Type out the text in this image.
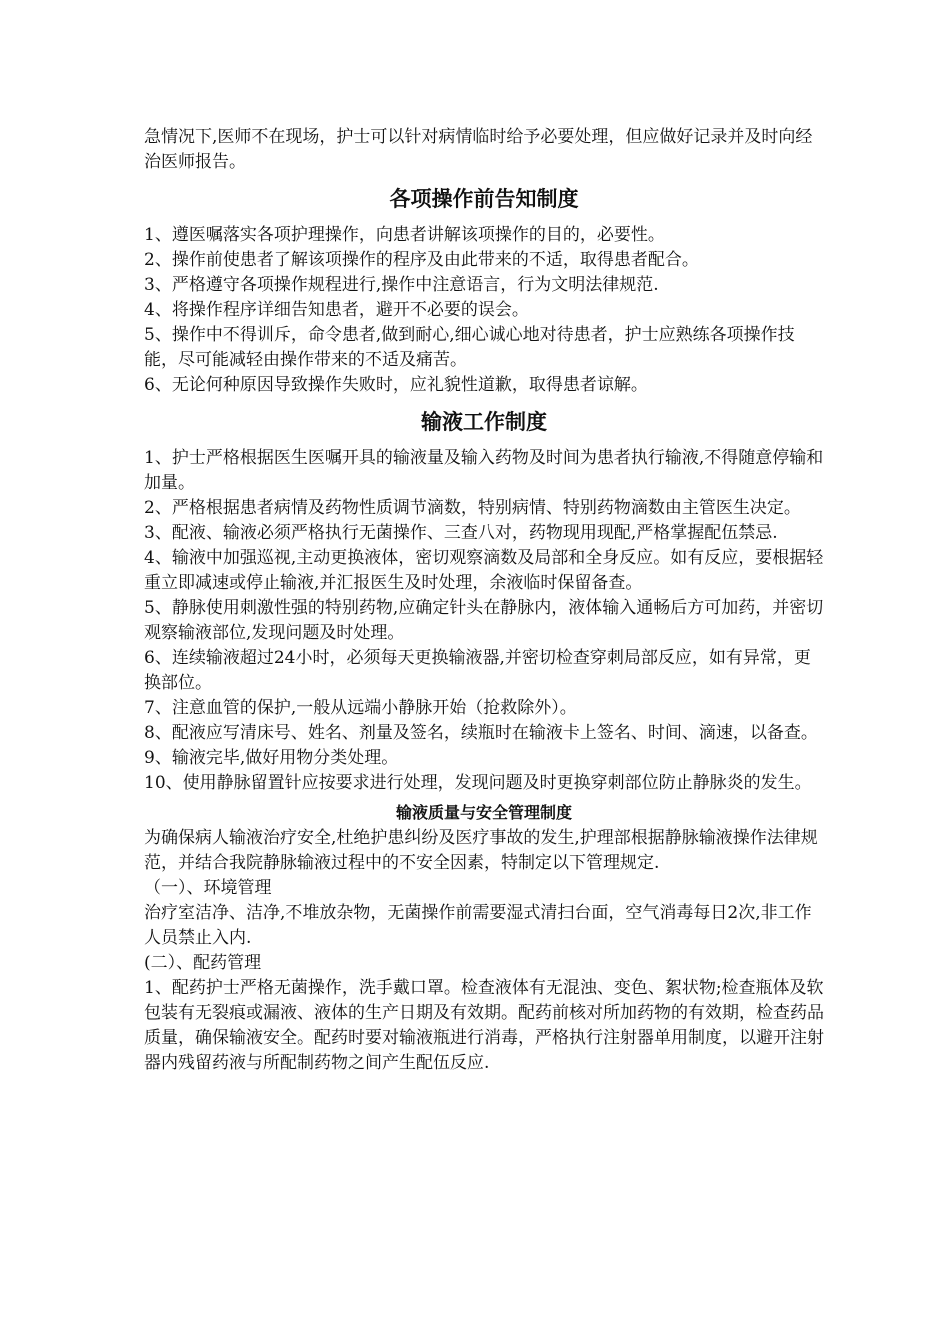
急情况下,医师不在现场，护士可以针对病情临时给予必要处理，但应做好记录并及时向经治医师报告。

各项操作前告知制度

1、遵医嘱落实各项护理操作，向患者讲解该项操作的目的，必要性。

2、操作前使患者了解该项操作的程序及由此带来的不适，取得患者配合。

3、严格遵守各项操作规程进行,操作中注意语言，行为文明法律规范.

4、将操作程序详细告知患者，避开不必要的误会。

5、操作中不得训斥，命令患者,做到耐心,细心诚心地对待患者，护士应熟练各项操作技能，尽可能减轻由操作带来的不适及痛苦。

6、无论何种原因导致操作失败时，应礼貌性道歉，取得患者谅解。

输液工作制度

1、护士严格根据医生医嘱开具的输液量及输入药物及时间为患者执行输液,不得随意停输和加量。

2、严格根据患者病情及药物性质调节滴数，特别病情、特别药物滴数由主管医生决定。

3、配液、输液必须严格执行无菌操作、三查八对，药物现用现配,严格掌握配伍禁忌.

4、输液中加强巡视,主动更换液体，密切观察滴数及局部和全身反应。如有反应，要根据轻重立即减速或停止输液,并汇报医生及时处理，余液临时保留备查。

5、静脉使用刺激性强的特别药物,应确定针头在静脉内，液体输入通畅后方可加药，并密切观察输液部位,发现问题及时处理。

6、连续输液超过24小时，必须每天更换输液器,并密切检查穿刺局部反应，如有异常，更换部位。

7、注意血管的保护,一般从远端小静脉开始（抢救除外）。

8、配液应写清床号、姓名、剂量及签名，续瓶时在输液卡上签名、时间、滴速，以备查。

9、输液完毕,做好用物分类处理。

10、使用静脉留置针应按要求进行处理，发现问题及时更换穿刺部位防止静脉炎的发生。

输液质量与安全管理制度

为确保病人输液治疗安全,杜绝护患纠纷及医疗事故的发生,护理部根据静脉输液操作法律规范，并结合我院静脉输液过程中的不安全因素，特制定以下管理规定.

（一）、环境管理

治疗室洁净、洁净,不堆放杂物，无菌操作前需要湿式清扫台面，空气消毒每日2次,非工作人员禁止入内.

(二）、配药管理

1、配药护士严格无菌操作，洗手戴口罩。检查液体有无混浊、变色、絮状物;检查瓶体及软包装有无裂痕或漏液、液体的生产日期及有效期。配药前核对所加药物的有效期，检查药品质量，确保输液安全。配药时要对输液瓶进行消毒，严格执行注射器单用制度，以避开注射器内残留药液与所配制药物之间产生配伍反应.
